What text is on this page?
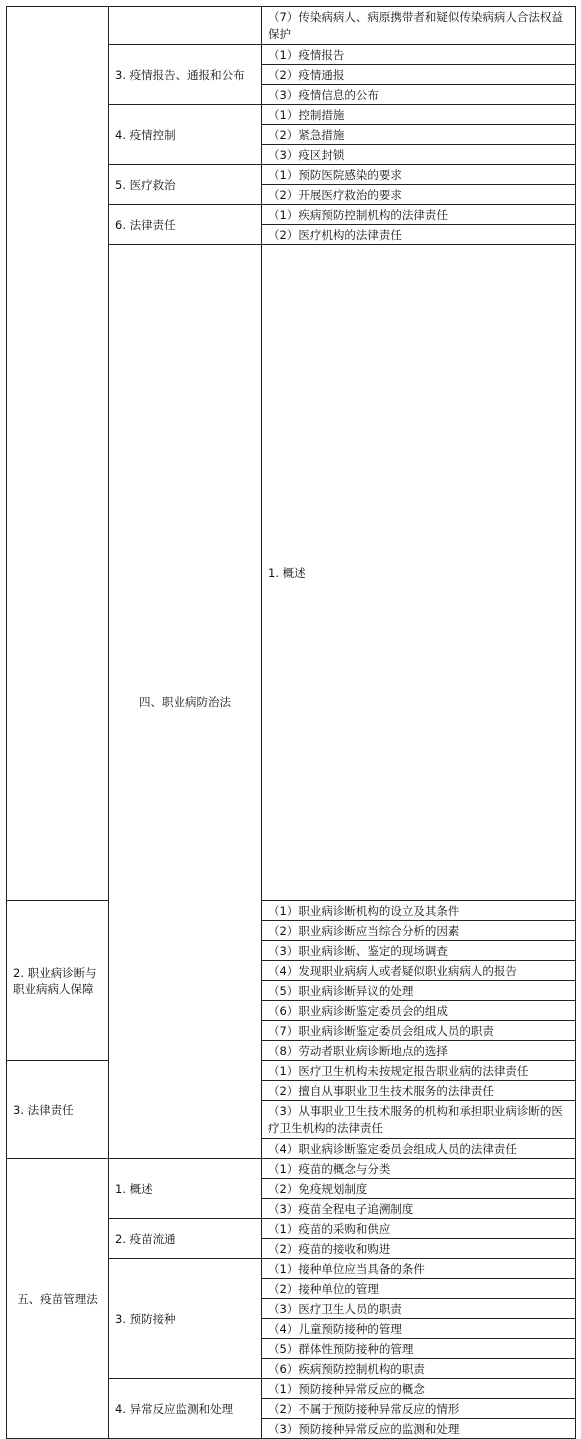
		（7）传染病病人、病原携带者和疑似传染病病人合法权益保护	
	3. 疫情报告、通报和公布	（1）疫情报告	
		（2）疫情通报	
		（3）疫情信息的公布	
	4. 疫情控制	（1）控制措施	
		（2）紧急措施	
		（3）疫区封锁	
	5. 医疗救治	（1）预防医院感染的要求	
		（2）开展医疗救治的要求	
	6. 法律责任	（1）疾病预防控制机构的法律责任	
		（2）医疗机构的法律责任	
	四、职业病防治法	1. 概述	

2. 职业病诊断与职业病病人保障		（1）职业病诊断机构的设立及其条件	
		（2）职业病诊断应当综合分析的因素	
		（3）职业病诊断、鉴定的现场调查	
		（4）发现职业病病人或者疑似职业病病人的报告	
		（5）职业病诊断异议的处理	
		（6）职业病诊断鉴定委员会的组成	
		（7）职业病诊断鉴定委员会组成人员的职责	
		（8）劳动者职业病诊断地点的选择	
3. 法律责任		（1）医疗卫生机构未按规定报告职业病的法律责任	
		（2）擅自从事职业卫生技术服务的法律责任	
		（3）从事职业卫生技术服务的机构和承担职业病诊断的医疗卫生机构的法律责任	
		（4）职业病诊断鉴定委员会组成人员的法律责任	
五、疫苗管理法	1. 概述	（1）疫苗的概念与分类	
		（2）免疫规划制度	
		（3）疫苗全程电子追溯制度	
	2. 疫苗流通	（1）疫苗的采购和供应	
		（2）疫苗的接收和购进	
	3. 预防接种	（1）接种单位应当具备的条件	
		（2）接种单位的管理	
		（3）医疗卫生人员的职责	
		（4）儿童预防接种的管理	
		（5）群体性预防接种的管理	
		（6）疾病预防控制机构的职责	
	4. 异常反应监测和处理	（1）预防接种异常反应的概念	
		（2）不属于预防接种异常反应的情形	
		（3）预防接种异常反应的监测和处理	
